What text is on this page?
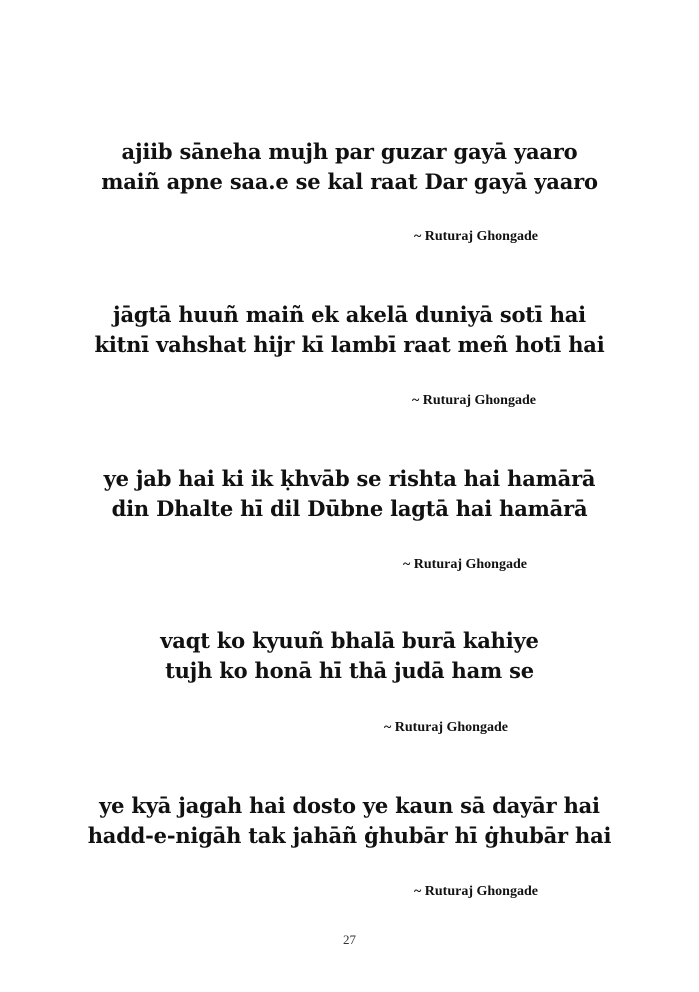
ajiib sāneha mujh par guzar gayā yaaro
maiñ apne saa.e se kal raat Dar gayā yaaro
~ Ruturaj Ghongade
jāgtā huuñ maiñ ek akelā duniyā sotī hai
kitnī vahshat hijr kī lambī raat meñ hotī hai
~ Ruturaj Ghongade
ye jab hai ki ik ḳhvāb se rishta hai hamārā
din Dhalte hī dil Dūbne lagtā hai hamārā
~ Ruturaj Ghongade
vaqt ko kyuuñ bhalā burā kahiye
tujh ko honā hī thā judā ham se
~ Ruturaj Ghongade
ye kyā jagah hai dosto ye kaun sā dayār hai
hadd-e-nigāh tak jahāñ ġhubār hī ġhubār hai
~ Ruturaj Ghongade
27
